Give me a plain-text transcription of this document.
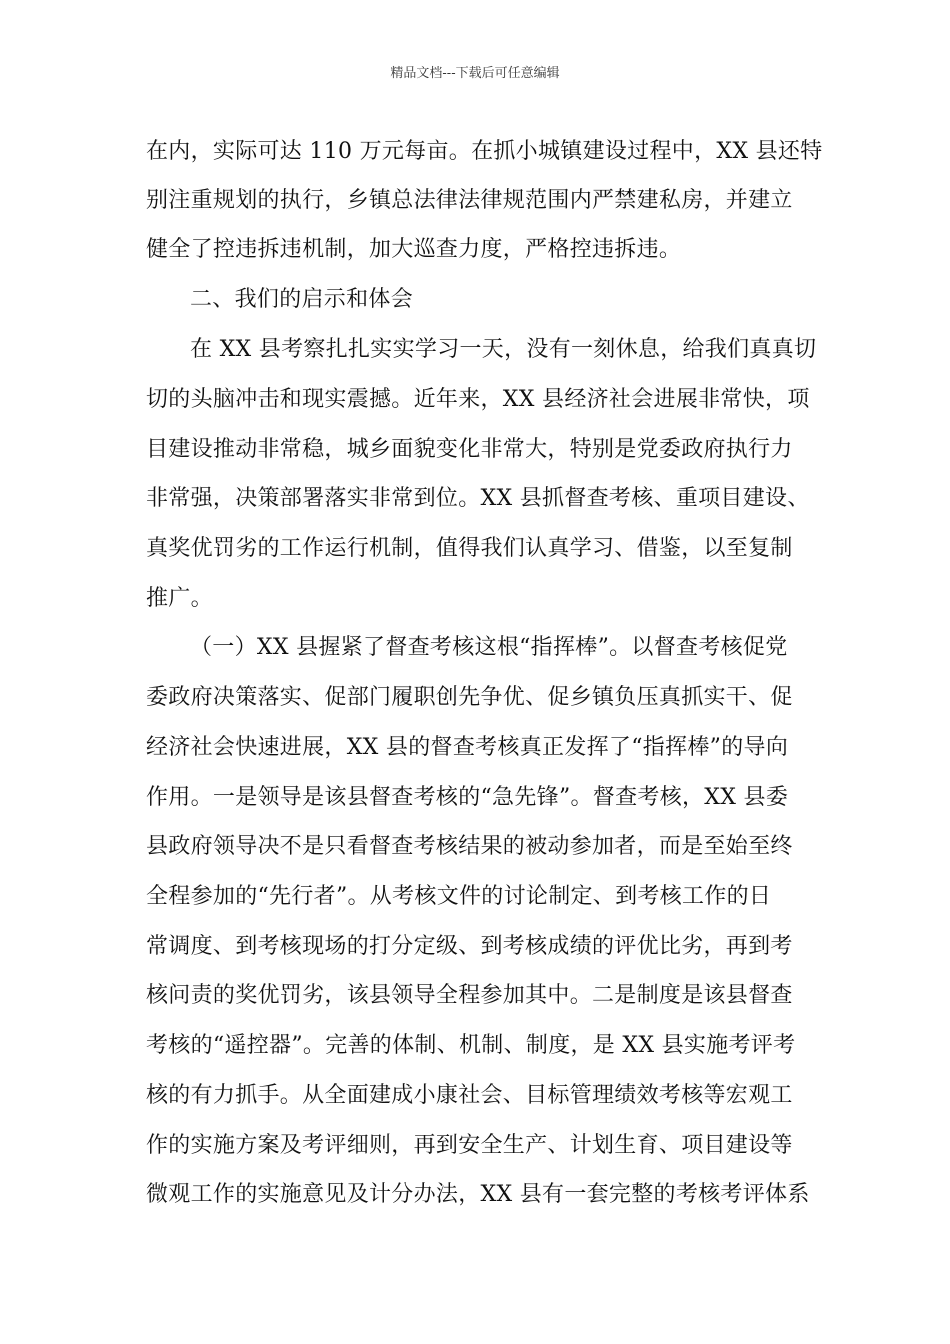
精品文档---下载后可任意编辑
在内，实际可达 110 万元每亩。在抓小城镇建设过程中，XX 县还特
别注重规划的执行，乡镇总法律法律规范围内严禁建私房，并建立
健全了控违拆违机制，加大巡查力度，严格控违拆违。
二、我们的启示和体会
在 XX 县考察扎扎实实学习一天，没有一刻休息，给我们真真切
切的头脑冲击和现实震撼。近年来，XX 县经济社会进展非常快，项
目建设推动非常稳，城乡面貌变化非常大，特别是党委政府执行力
非常强，决策部署落实非常到位。XX 县抓督查考核、重项目建设、
真奖优罚劣的工作运行机制，值得我们认真学习、借鉴，以至复制
推广。
（一）XX 县握紧了督查考核这根“指挥棒”。以督查考核促党
委政府决策落实、促部门履职创先争优、促乡镇负压真抓实干、促
经济社会快速进展，XX 县的督查考核真正发挥了“指挥棒”的导向
作用。一是领导是该县督查考核的“急先锋”。督查考核，XX 县委
县政府领导决不是只看督查考核结果的被动参加者，而是至始至终
全程参加的“先行者”。从考核文件的讨论制定、到考核工作的日
常调度、到考核现场的打分定级、到考核成绩的评优比劣，再到考
核问责的奖优罚劣，该县领导全程参加其中。二是制度是该县督查
考核的“遥控器”。完善的体制、机制、制度，是 XX 县实施考评考
核的有力抓手。从全面建成小康社会、目标管理绩效考核等宏观工
作的实施方案及考评细则，再到安全生产、计划生育、项目建设等
微观工作的实施意见及计分办法，XX 县有一套完整的考核考评体系
